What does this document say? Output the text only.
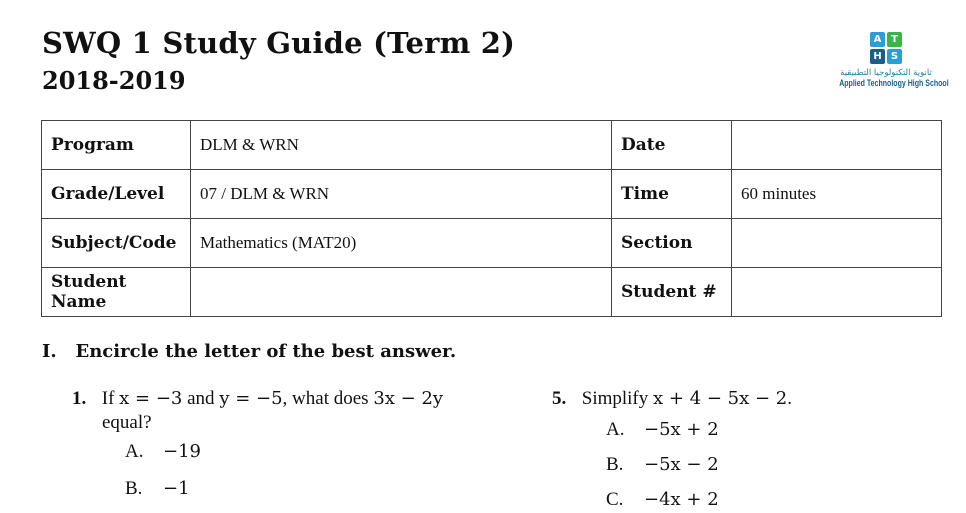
SWQ 1 Study Guide (Term 2)
2018-2019
A T
H S
ثانوية التكنولوجيا التطبيقية
Applied Technology High School
Program	DLM & WRN	Date	
Grade/Level	07 / DLM & WRN	Time	60 minutes
Subject/Code	Mathematics (MAT20)	Section	
Student Name		Student #	
I.   Encircle the letter of the best answer.
1. If x = −3 and y = −5, what does 3x − 2y
equal?
A. −19
B. −1
5. Simplify x + 4 − 5x − 2.
A. −5x + 2
B. −5x − 2
C. −4x + 2
